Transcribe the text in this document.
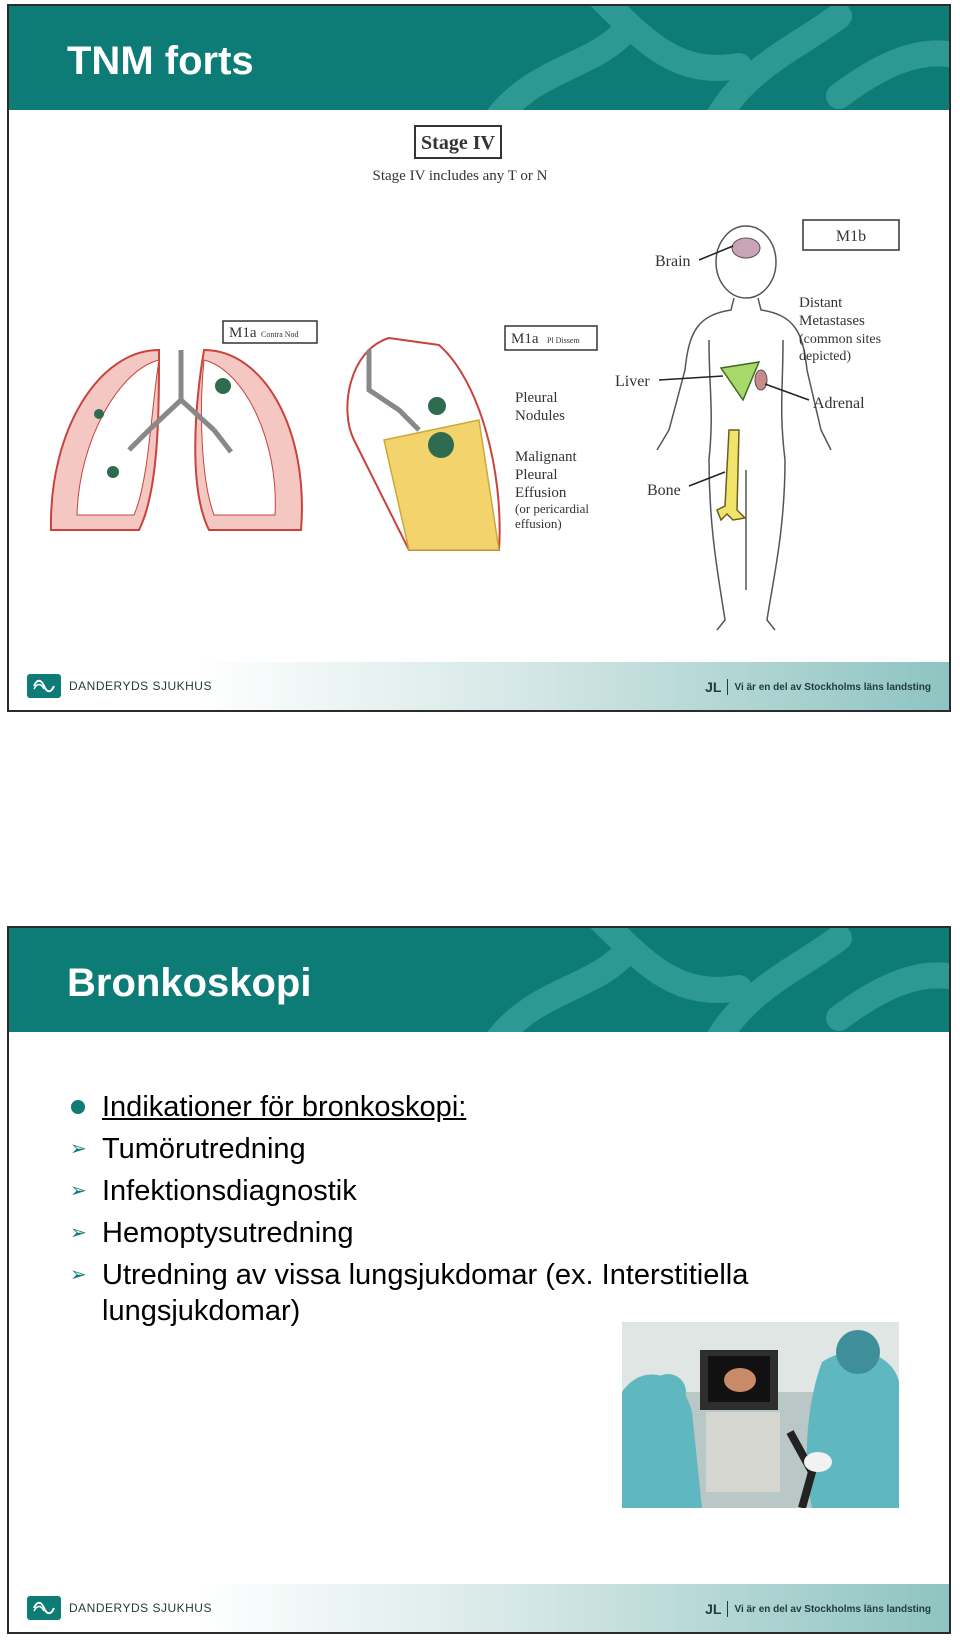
TNM forts
Stage IV
Stage IV includes any T or N
M1a Contra Nod	M1a Pl Dissem
Pleural
Nodules
Malignant
Pleural
Effusion
(or pericardial
effusion)
M1b
Brain
Distant
Metastases
(common sites
depicted)
Liver
Adrenal
Bone
DANDERYDS SJUKHUS	JL	Vi är en del av Stockholms läns landsting
Bronkoskopi
Indikationer för bronkoskopi:
➢ Tumörutredning
➢ Infektionsdiagnostik
➢ Hemoptysutredning
➢ Utredning av vissa lungsjukdomar (ex. Interstitiella lungsjukdomar)
DANDERYDS SJUKHUS	JL	Vi är en del av Stockholms läns landsting
